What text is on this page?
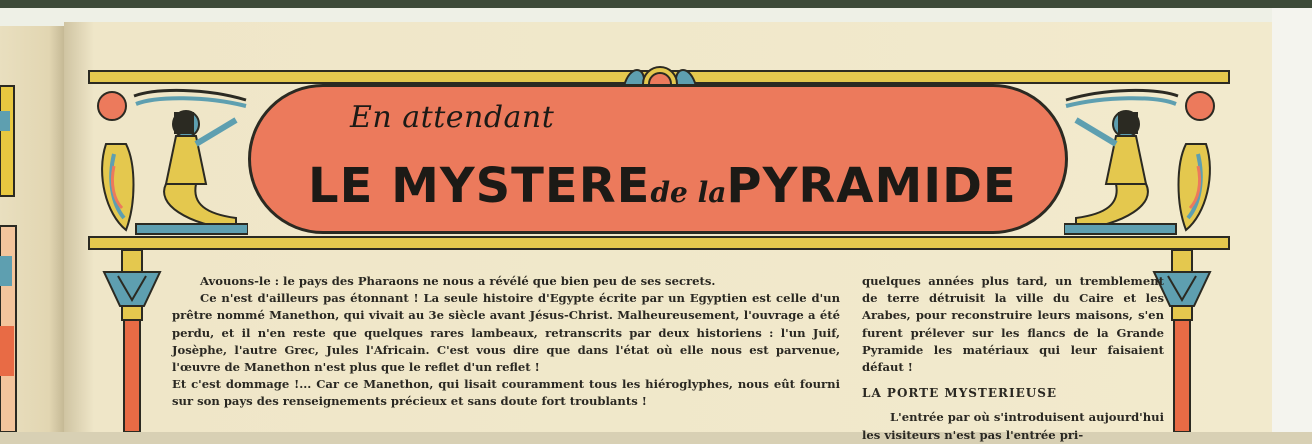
En attendant
LE MYSTEREde laPYRAMIDE

Avouons-le : le pays des Pharaons ne nous a révélé que bien peu de ses secrets.

Ce n'est d'ailleurs pas étonnant ! La seule histoire d'Egypte écrite par un Egyptien est celle d'un prêtre nommé Manethon, qui vivait au 3e siècle avant Jésus-Christ. Malheureusement, l'ouvrage a été perdu, et il n'en reste que quelques rares lambeaux, retranscrits par deux historiens : l'un Juif, Josèphe, l'autre Grec, Jules l'Africain. C'est vous dire que dans l'état où elle nous est parvenue, l'œuvre de Manethon n'est plus que le reflet d'un reflet !

Et c'est dommage !... Car ce Manethon, qui lisait couramment tous les hiéroglyphes, nous eût fourni sur son pays des renseignements précieux et sans doute fort troublants !

quelques années plus tard, un tremblement de terre détruisit la ville du Caire et les Arabes, pour reconstruire leurs maisons, s'en furent prélever sur les flancs de la Grande Pyramide les matériaux qui leur faisaient défaut !

LA PORTE MYSTERIEUSE

L'entrée par où s'introduisent aujourd'hui les visiteurs n'est pas l'entrée pri-
